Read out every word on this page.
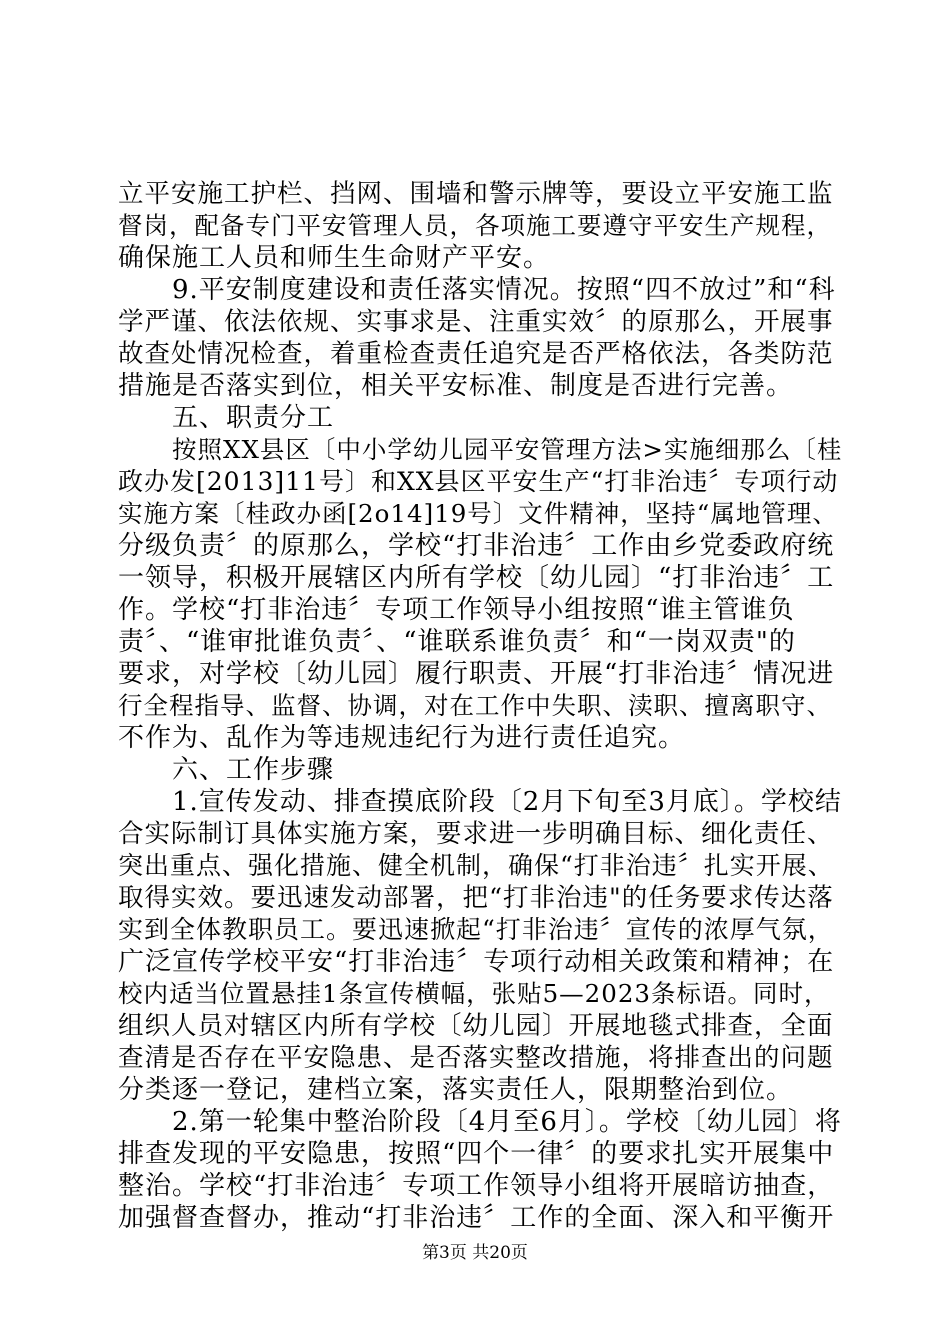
立平安施工护栏、挡网、围墙和警示牌等，要设立平安施工监
督岗，配备专门平安管理人员，各项施工要遵守平安生产规程，
确保施工人员和师生生命财产平安。
9.平安制度建设和责任落实情况。按照“四不放过”和“科
学严谨、依法依规、实事求是、注重实效〞的原那么，开展事
故查处情况检查，着重检查责任追究是否严格依法，各类防范
措施是否落实到位，相关平安标准、制度是否进行完善。
五、职责分工
按照XX县区〔中小学幼儿园平安管理方法>实施细那么〔桂
政办发[2013]11号〕和XX县区平安生产“打非治违〞专项行动
实施方案〔桂政办函[2o14]19号〕文件精神，坚持“属地管理、
分级负责〞的原那么，学校“打非治违〞工作由乡党委政府统
一领导，积极开展辖区内所有学校〔幼儿园〕“打非治违〞工
作。学校“打非治违〞专项工作领导小组按照“谁主管谁负
责〞、“谁审批谁负责〞、“谁联系谁负责〞和“一岗双责"的
要求，对学校〔幼儿园〕履行职责、开展“打非治违〞情况进
行全程指导、监督、协调，对在工作中失职、渎职、擅离职守、
不作为、乱作为等违规违纪行为进行责任追究。
六、工作步骤
1.宣传发动、排查摸底阶段〔2月下旬至3月底〕。学校结
合实际制订具体实施方案，要求进一步明确目标、细化责任、
突出重点、强化措施、健全机制，确保“打非治违〞扎实开展、
取得实效。要迅速发动部署，把“打非治违"的任务要求传达落
实到全体教职员工。要迅速掀起“打非治违〞宣传的浓厚气氛，
广泛宣传学校平安“打非治违〞专项行动相关政策和精神；在
校内适当位置悬挂1条宣传横幅，张贴5—2023条标语。同时，
组织人员对辖区内所有学校〔幼儿园〕开展地毯式排查，全面
查清是否存在平安隐患、是否落实整改措施，将排查出的问题
分类逐一登记，建档立案，落实责任人，限期整治到位。
2.第一轮集中整治阶段〔4月至6月〕。学校〔幼儿园〕将
排查发现的平安隐患，按照“四个一律〞的要求扎实开展集中
整治。学校“打非治违〞专项工作领导小组将开展暗访抽查，
加强督查督办，推动“打非治违〞工作的全面、深入和平衡开
第3页 共20页
